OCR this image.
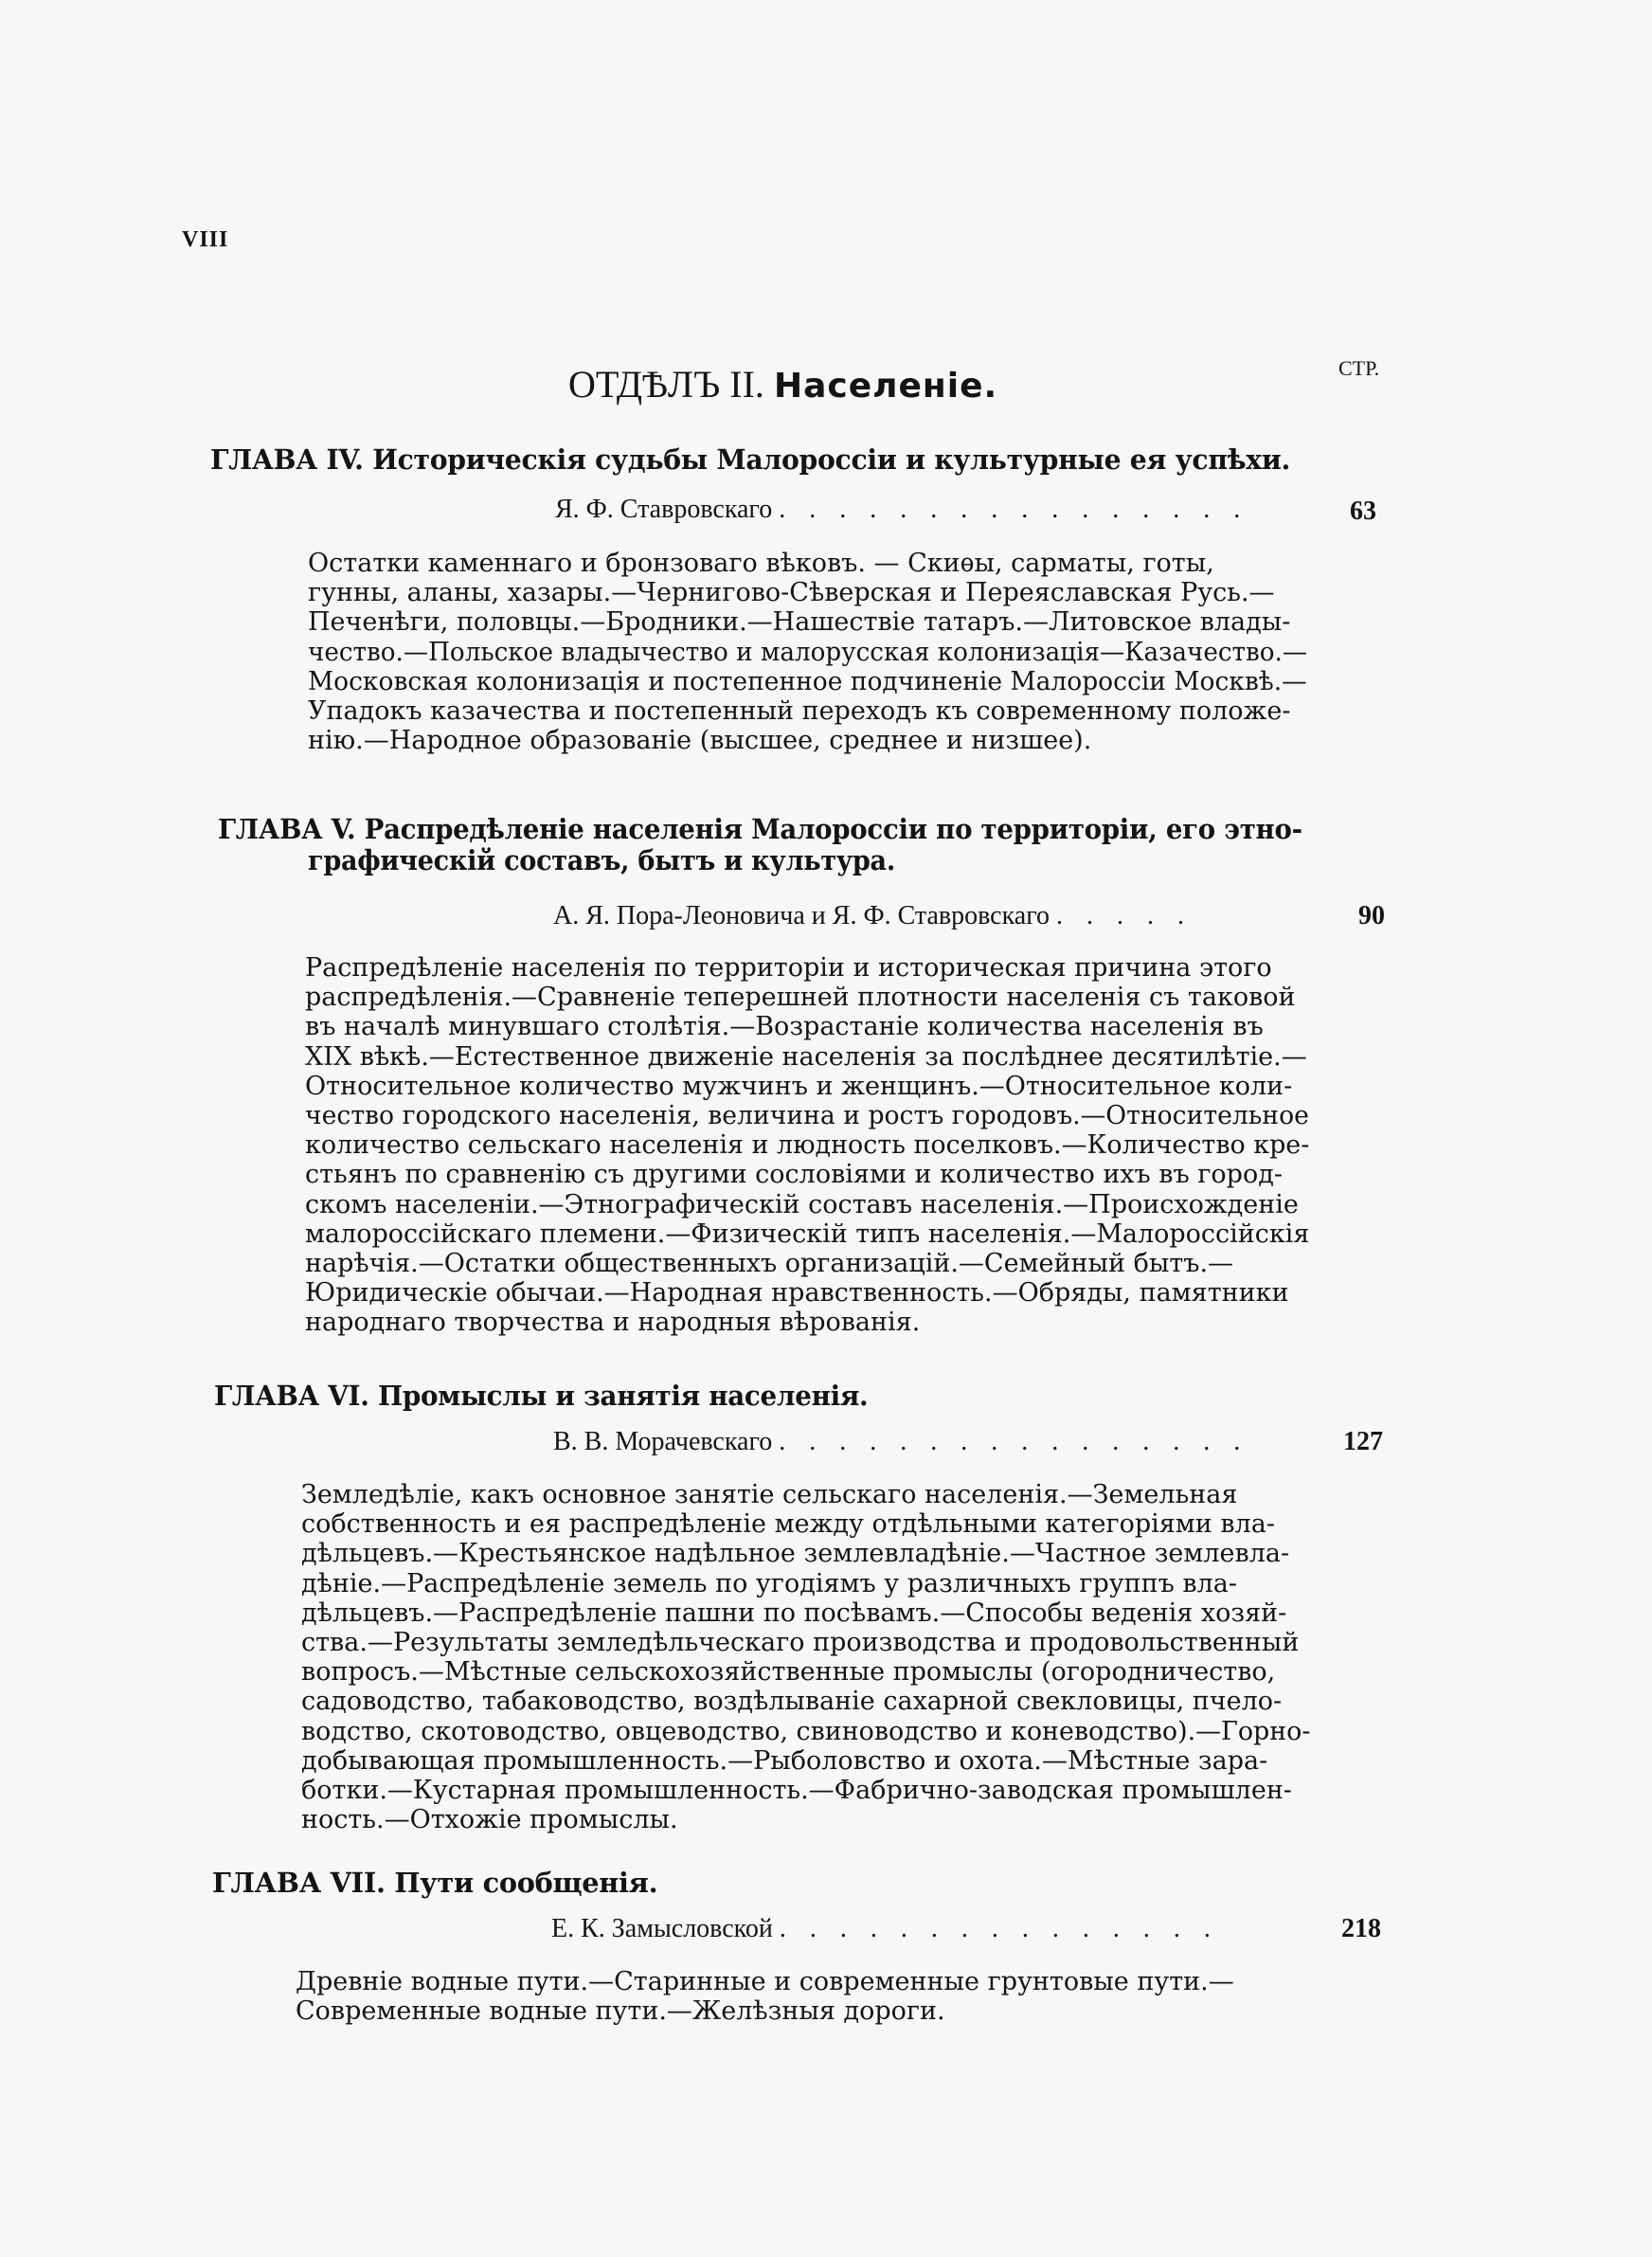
VIII
СТР.
ОТДѢЛЪ II. Населеніе.
ГЛАВА IV. Историческія судьбы Малороссіи и культурные ея успѣхи.
Я. Ф. Ставровскаго . . . . . . . . . . . . . . . .	63
Остатки каменнаго и бронзоваго вѣковъ. — Скиѳы, сарматы, готы,
гунны, аланы, хазары.—Черниговo-Сѣверская и Переяславская Русь.—
Печенѣги, половцы.—Бродники.—Нашествіе татаръ.—Литовское влады-
чество.—Польское владычество и малорусская колонизація—Казачество.—
Московская колонизація и постепенное подчиненіе Малороссіи Москвѣ.—
Упадокъ казачества и постепенный переходъ къ современному положе-
нію.—Народное образованіе (высшее, среднее и низшее).
ГЛАВА V. Распредѣленіе населенія Малороссіи по территоріи, его этно-
графическій составъ, бытъ и культура.
А. Я. Пора-Леоновича и Я. Ф. Ставровскаго . . . . .	90
Распредѣленіе населенія по территоріи и историческая причина этого
распредѣленія.—Сравненіе теперешней плотности населенія съ таковой
въ началѣ минувшаго столѣтія.—Возрастаніе количества населенія въ
XIX вѣкѣ.—Естественное движеніе населенія за послѣднее десятилѣтіе.—
Относительное количество мужчинъ и женщинъ.—Относительное коли-
чество городского населенія, величина и ростъ городовъ.—Относительное
количество сельскаго населенія и людность поселковъ.—Количество кре-
стьянъ по сравненію съ другими сословіями и количество ихъ въ город-
скомъ населеніи.—Этнографическій составъ населенія.—Происхожденіе
малороссійскаго племени.—Физическій типъ населенія.—Малороссійскія
нарѣчія.—Остатки общественныхъ организацій.—Семейный бытъ.—
Юридическіе обычаи.—Народная нравственность.—Обряды, памятники
народнаго творчества и народныя вѣрованія.
ГЛАВА VI. Промыслы и занятія населенія.
В. В. Морачевскаго . . . . . . . . . . . . . . . .	127
Земледѣліе, какъ основное занятіе сельскаго населенія.—Земельная
собственность и ея распредѣленіе между отдѣльными категоріями вла-
дѣльцевъ.—Крестьянское надѣльное землевладѣніе.—Частное землевла-
дѣніе.—Распредѣленіе земель по угодіямъ у различныхъ группъ вла-
дѣльцевъ.—Распредѣленіе пашни по посѣвамъ.—Способы веденія хозяй-
ства.—Результаты земледѣльческаго производства и продовольственный
вопросъ.—Мѣстные сельскохозяйственные промыслы (огородничество,
садоводство, табаководство, воздѣлываніе сахарной свекловицы, пчело-
водство, скотоводство, овцеводство, свиноводство и коневодство).—Горно-
добывающая промышленность.—Рыболовство и охота.—Мѣстные зара-
ботки.—Кустарная промышленность.—Фабрично-заводская промышлен-
ность.—Отхожіе промыслы.
ГЛАВА VII. Пути сообщенія.
Е. К. Замысловской . . . . . . . . . . . . . . .	218
Древніе водные пути.—Старинные и современные грунтовые пути.—
Современные водные пути.—Желѣзныя дороги.
